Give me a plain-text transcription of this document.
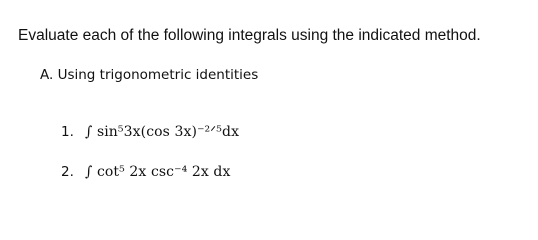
Evaluate each of the following integrals using the indicated method.
A. Using trigonometric identities
1. ∫ sin⁵3x(cos 3x)⁻²ᐟ⁵dx
2. ∫ cot⁵ 2x csc⁻⁴ 2x dx
